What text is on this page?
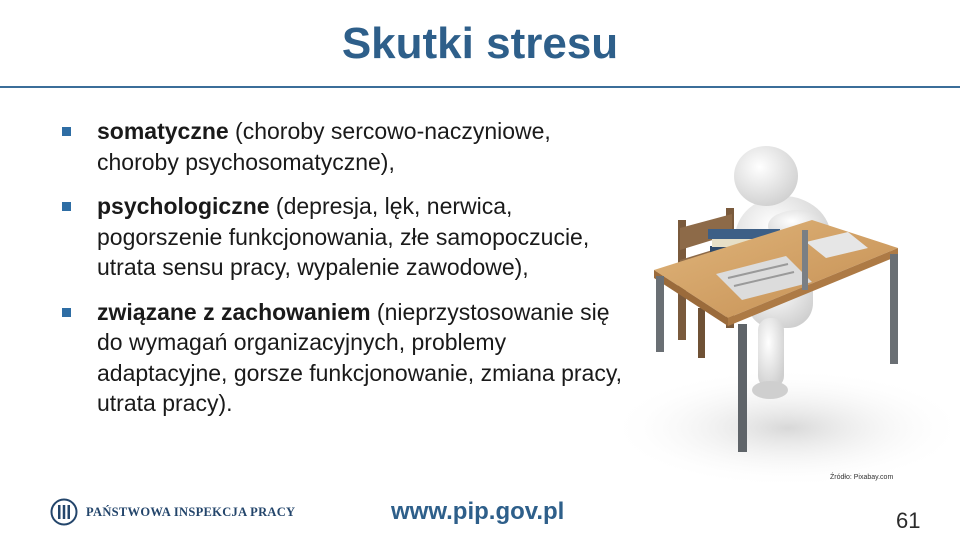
Skutki stresu
somatyczne (choroby sercowo-naczyniowe, choroby psychosomatyczne),
psychologiczne (depresja, lęk, nerwica, pogorszenie funkcjonowania, złe samopoczucie, utrata sensu pracy, wypalenie zawodowe),
związane z zachowaniem (nieprzystosowanie się do wymagań organizacyjnych, problemy adaptacyjne, gorsze funkcjonowanie, zmiana pracy, utrata pracy).
Źródło: Pixabay.com
PAŃSTWOWA INSPEKCJA PRACY	www.pip.gov.pl	61
